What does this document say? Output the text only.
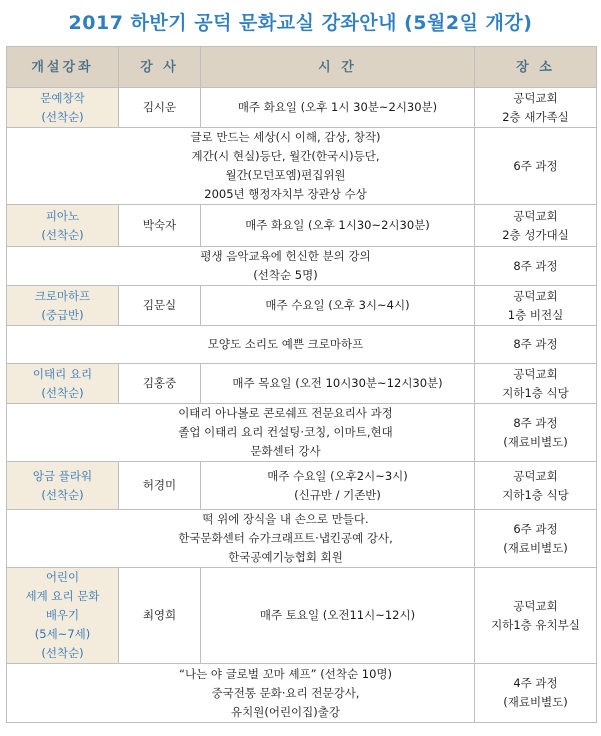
2017 하반기 공덕 문화교실 강좌안내 (5월2일 개강)
개설강좌	강 사	시 간	장 소

문예창작
(선착순)	김시운	매주 화요일 (오후 1시 30분~2시30분)	공덕교회
2층 새가족실

글로 만드는 세상(시 이해, 감상, 창작)
계간(시 현실)등단, 월간(한국시)등단,
월간(모던포엠)편집위원
2005년 행정자치부 장관상 수상			6주 과정

피아노
(선착순)	박숙자	매주 화요일 (오후 1시30~2시30분)	공덕교회
2층 성가대실

평생 음악교육에 헌신한 분의 강의
(선착순 5명)			8주 과정

크로마하프
(중급반)	김문실	매주 수요일 (오후 3시~4시)	공덕교회
1층 비전실

모양도 소리도 예쁜 크로마하프			8주 과정

이태리 요리
(선착순)	김홍중	매주 목요일 (오전 10시30분~12시30분)	공덕교회
지하1층 식당

이태리 아나볼로 콘로쉐프 전문요리사 과정
졸업 이태리 요리 컨설팅·코칭, 이마트,현대
문화센터 강사			8주 과정
(재료비별도)

앙금 플라워
(선착순)	허경미	매주 수요일 (오후2시~3시)
(신규반 / 기존반)	공덕교회
지하1층 식당

떡 위에 장식을 내 손으로 만들다.
한국문화센터 슈가크래프트·냅킨공예 강사,
한국공예기능협회 회원			6주 과정
(재료비별도)

어린이
세계 요리 문화
배우기
(5세~7세)
(선착순)	최영희	매주 토요일 (오전11시~12시)	공덕교회
지하1층 유치부실

“나는 야 글로벌 꼬마 셰프” (선착순 10명)
중국전통 문화·요리 전문강사,
유치원(어린이집)출강			4주 과정
(재료비별도)
